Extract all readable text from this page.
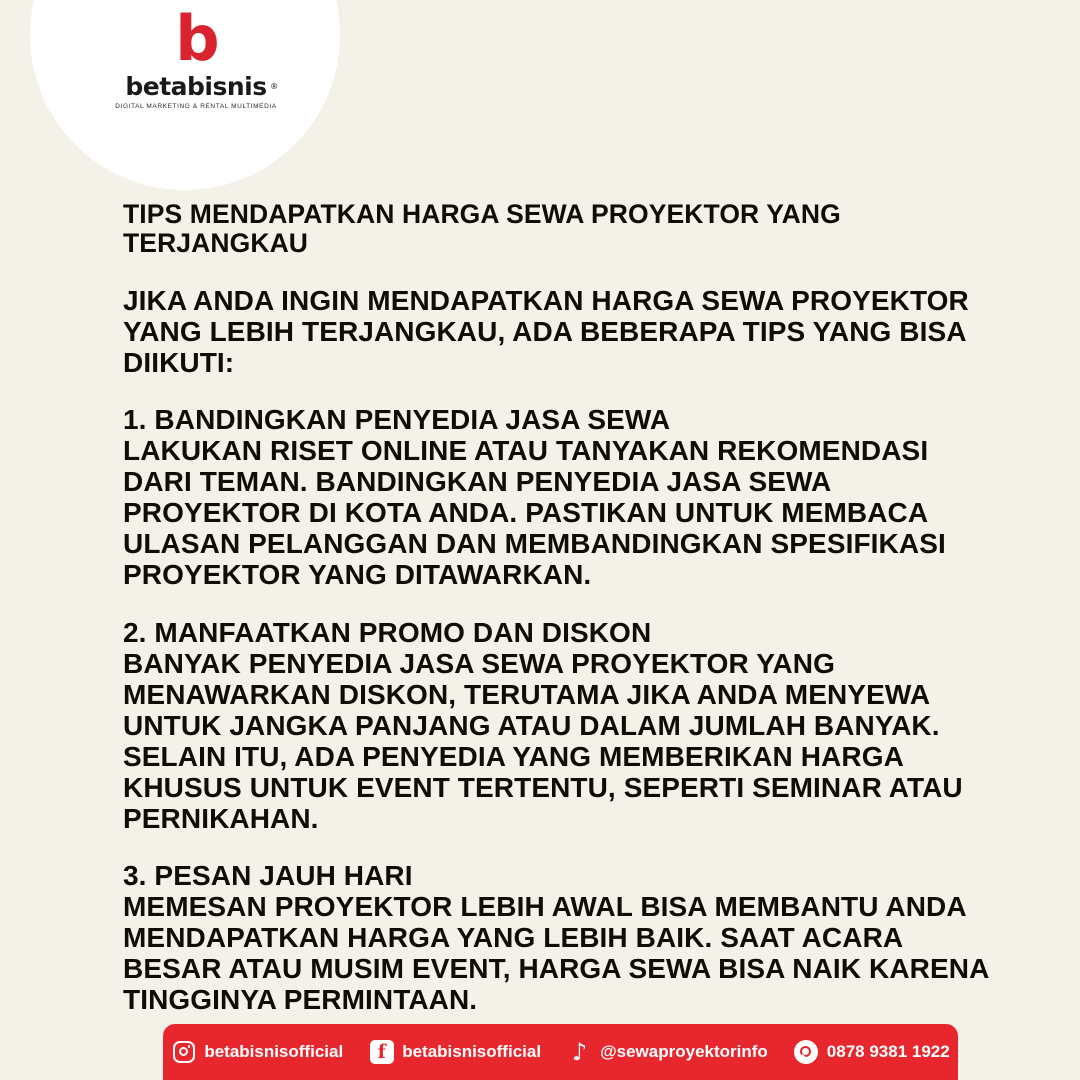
b
betabisnis ®
DIGITAL MARKETING & RENTAL MULTIMEDIA

TIPS MENDAPATKAN HARGA SEWA PROYEKTOR YANG TERJANGKAU

JIKA ANDA INGIN MENDAPATKAN HARGA SEWA PROYEKTOR YANG LEBIH TERJANGKAU, ADA BEBERAPA TIPS YANG BISA DIIKUTI:

1. BANDINGKAN PENYEDIA JASA SEWA

LAKUKAN RISET ONLINE ATAU TANYAKAN REKOMENDASI DARI TEMAN. BANDINGKAN PENYEDIA JASA SEWA PROYEKTOR DI KOTA ANDA. PASTIKAN UNTUK MEMBACA ULASAN PELANGGAN DAN MEMBANDINGKAN SPESIFIKASI PROYEKTOR YANG DITAWARKAN.

2. MANFAATKAN PROMO DAN DISKON

BANYAK PENYEDIA JASA SEWA PROYEKTOR YANG MENAWARKAN DISKON, TERUTAMA JIKA ANDA MENYEWA UNTUK JANGKA PANJANG ATAU DALAM JUMLAH BANYAK. SELAIN ITU, ADA PENYEDIA YANG MEMBERIKAN HARGA KHUSUS UNTUK EVENT TERTENTU, SEPERTI SEMINAR ATAU PERNIKAHAN.

3. PESAN JAUH HARI

MEMESAN PROYEKTOR LEBIH AWAL BISA MEMBANTU ANDA MENDAPATKAN HARGA YANG LEBIH BAIK. SAAT ACARA BESAR ATAU MUSIM EVENT, HARGA SEWA BISA NAIK KARENA TINGGINYA PERMINTAAN.

betabisnisofficial	f betabisnisofficial ♪ @sewaproyektorinfo	0878 9381 1922
